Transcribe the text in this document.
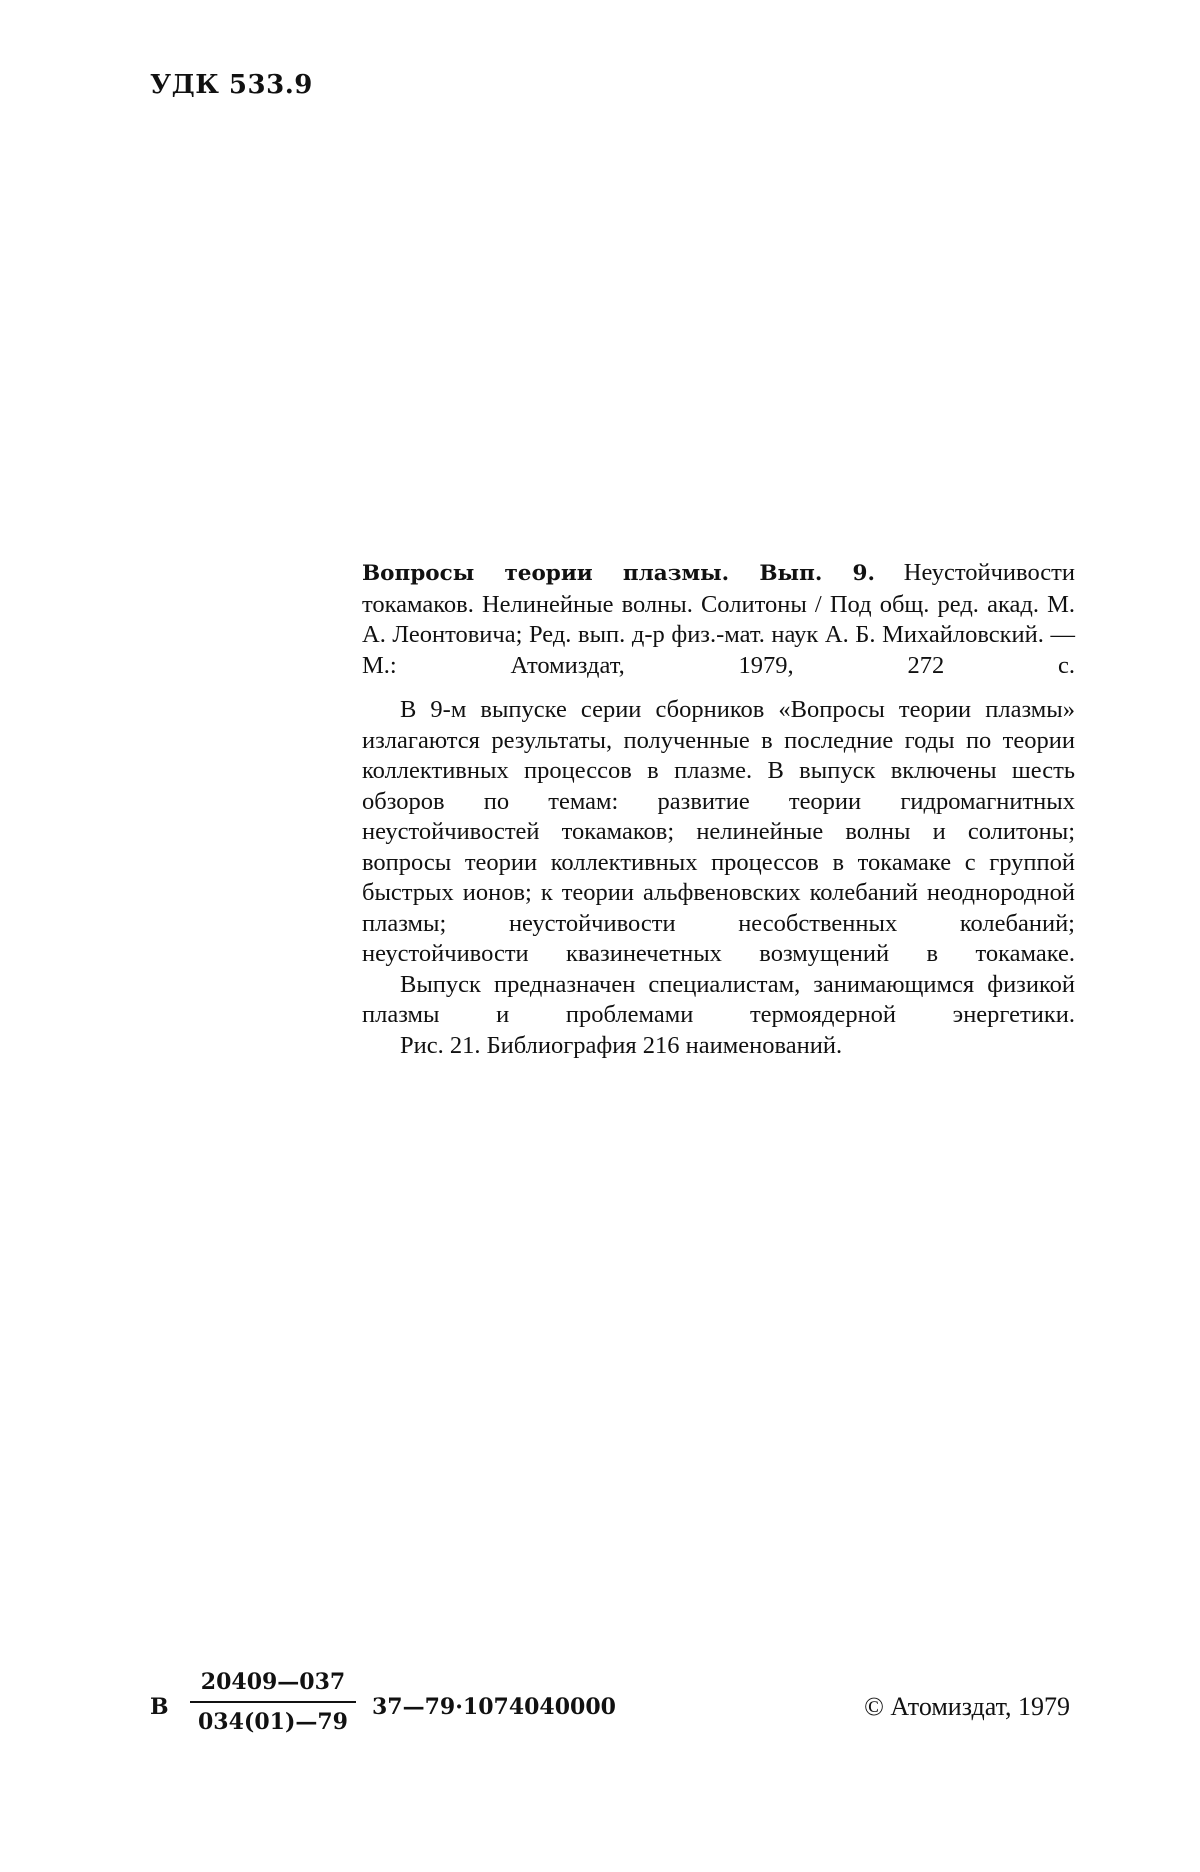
УДК 533.9

Вопросы теории плазмы. Вып. 9. Неустойчивости токамаков. Нелинейные волны. Солитоны / Под общ. ред. акад. М. А. Леонтовича; Ред. вып. д-р физ.-мат. наук А. Б. Михайловский. — М.: Атомиздат, 1979, 272 с.

В 9-м выпуске серии сборников «Вопросы теории плазмы» излагаются результаты, полученные в последние годы по теории коллективных процессов в плазме. В выпуск включены шесть обзоров по темам: развитие теории гидромагнитных неустойчивостей токамаков; нелинейные волны и солитоны; вопросы теории коллективных процессов в токамаке с группой быстрых ионов; к теории альфвеновских колебаний неоднородной плазмы; неустойчивости несобственных колебаний; неустойчивости квазинечетных возмущений в токамаке.

Выпуск предназначен специалистам, занимающимся физикой плазмы и проблемами термоядерной энергетики.

Рис. 21. Библиография 216 наименований.

В
20409—037
034(01)—79
37—79·1074040000	© Атомиздат, 1979
